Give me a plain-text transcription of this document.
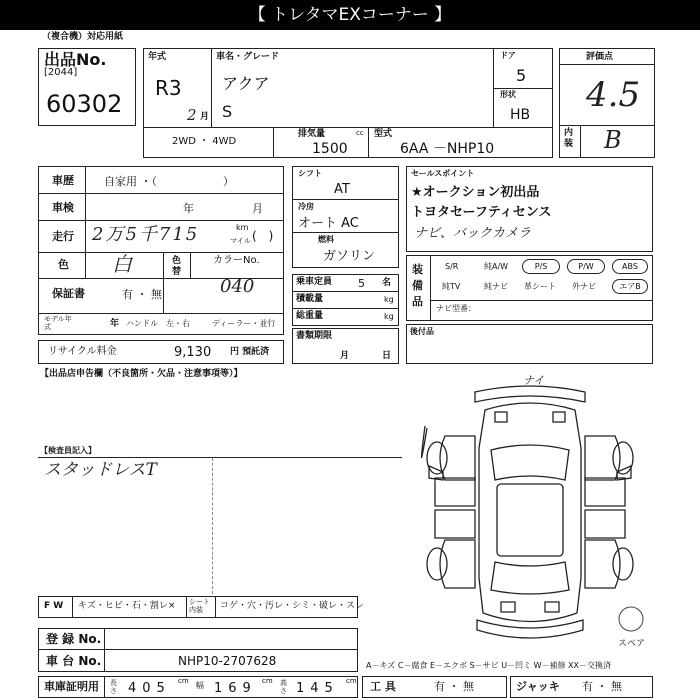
【 トレタマEXコーナー 】
（複合機）対応用紙
出品No.
[2044]
60302
年式
R3
2 月
車名・グレード
アクア
S
ドア
5
形状
HB
2WD ・ 4WD
排気量	cc
1500
型式
6AA －NHP10
評価点
4.5
内装 B
車歴	自家用 ・（　　　　　　）
車検	年	月
走行 2万5千715	km
マイル (　)
色 白	色替
カラーNo.
040
保証書	有 ・ 無
モデル年式	年 ハンドル　左・右	ディーラー・並行
リサイクル料金	9,130 円 預託済
シフト
AT
冷房
オート AC
燃料
ガソリン
乗車定員 5 名
積載量	kg
総重量	kg
書類期限
月	日
セールスポイント
★オークション初出品
トヨタセーフティセンス
ナビ、バックカメラ
装備品
S/R	純A/W	P/S	P/W	ABS
純TV	純ナビ 革シート 外ナビ	エアB
ナビ型番：
後付品
【出品店申告欄（不良箇所・欠品・注意事項等）】
【検査員記入】
スタッドレスT
F W キズ・ヒビ・石・割レ× シート内装	コゲ・穴・汚レ・シミ・破レ・スレ
登 録 No.
車 台 No.	NHP10-2707628
車庫証明用 長さ 405 cm 幅 169 cm 高さ 145 cm
A－キズ C－腐食 E－エクボ S－サビ U－凹ミ W－補修 XX－交換済
工 具	有 ・ 無	ジャッキ 有 ・ 無
ナイ
スペア
